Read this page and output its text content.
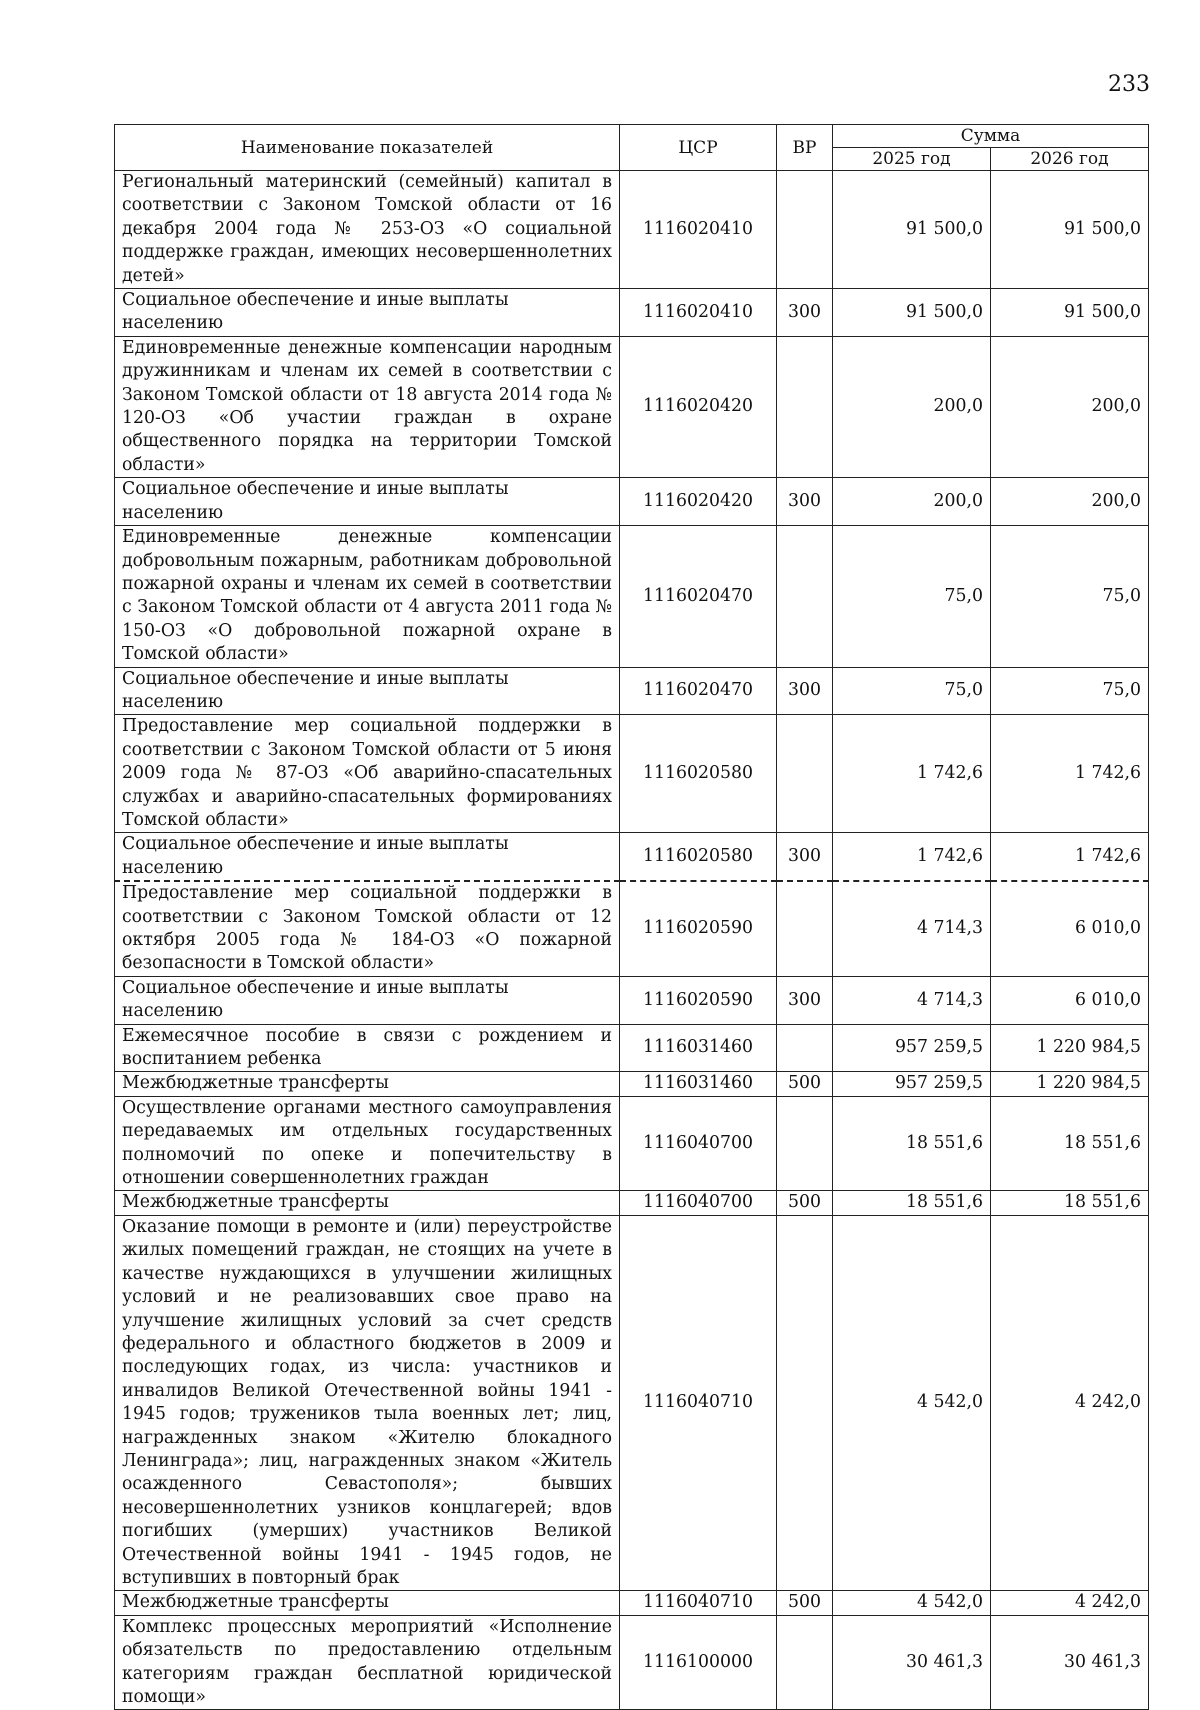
233
Наименование показателей	ЦСР	ВР	Сумма	
			2025 год	2026 год
Региональный материнский (семейный) капитал в соответствии с Законом Томской области от 16 декабря 2004 года № 253-ОЗ «О социальной поддержке граждан, имеющих несовершеннолетних детей»	1116020410		91 500,0	91 500,0
Социальное обеспечение и иные выплаты населению	1116020410	300	91 500,0	91 500,0
Единовременные денежные компенсации народным дружинникам и членам их семей в соответствии с Законом Томской области от 18 августа 2014 года № 120-ОЗ «Об участии граждан в охране общественного порядка на территории Томской области»	1116020420		200,0	200,0
Социальное обеспечение и иные выплаты населению	1116020420	300	200,0	200,0
Единовременные денежные компенсации добровольным пожарным, работникам добровольной пожарной охраны и членам их семей в соответствии с Законом Томской области от 4 августа 2011 года № 150-ОЗ «О добровольной пожарной охране в Томской области»	1116020470		75,0	75,0
Социальное обеспечение и иные выплаты населению	1116020470	300	75,0	75,0
Предоставление мер социальной поддержки в соответствии с Законом Томской области от 5 июня 2009 года № 87-ОЗ «Об аварийно-спасательных службах и аварийно-спасательных формированиях Томской области»	1116020580		1 742,6	1 742,6
Социальное обеспечение и иные выплаты населению	1116020580	300	1 742,6	1 742,6
Предоставление мер социальной поддержки в соответствии с Законом Томской области от 12 октября 2005 года № 184-ОЗ «О пожарной безопасности в Томской области»	1116020590		4 714,3	6 010,0
Социальное обеспечение и иные выплаты населению	1116020590	300	4 714,3	6 010,0
Ежемесячное пособие в связи с рождением и воспитанием ребенка	1116031460		957 259,5	1 220 984,5
Межбюджетные трансферты	1116031460	500	957 259,5	1 220 984,5
Осуществление органами местного самоуправления передаваемых им отдельных государственных полномочий по опеке и попечительству в отношении совершеннолетних граждан	1116040700		18 551,6	18 551,6
Межбюджетные трансферты	1116040700	500	18 551,6	18 551,6
Оказание помощи в ремонте и (или) переустройстве жилых помещений граждан, не стоящих на учете в качестве нуждающихся в улучшении жилищных условий и не реализовавших свое право на улучшение жилищных условий за счет средств федерального и областного бюджетов в 2009 и последующих годах, из числа: участников и инвалидов Великой Отечественной войны 1941 - 1945 годов; тружеников тыла военных лет; лиц, награжденных знаком «Жителю блокадного Ленинграда»; лиц, награжденных знаком «Житель осажденного Севастополя»; бывших несовершеннолетних узников концлагерей; вдов погибших (умерших) участников Великой Отечественной войны 1941 - 1945 годов, не вступивших в повторный брак	1116040710		4 542,0	4 242,0
Межбюджетные трансферты	1116040710	500	4 542,0	4 242,0
Комплекс процессных мероприятий «Исполнение обязательств по предоставлению отдельным категориям граждан бесплатной юридической помощи»	1116100000		30 461,3	30 461,3
